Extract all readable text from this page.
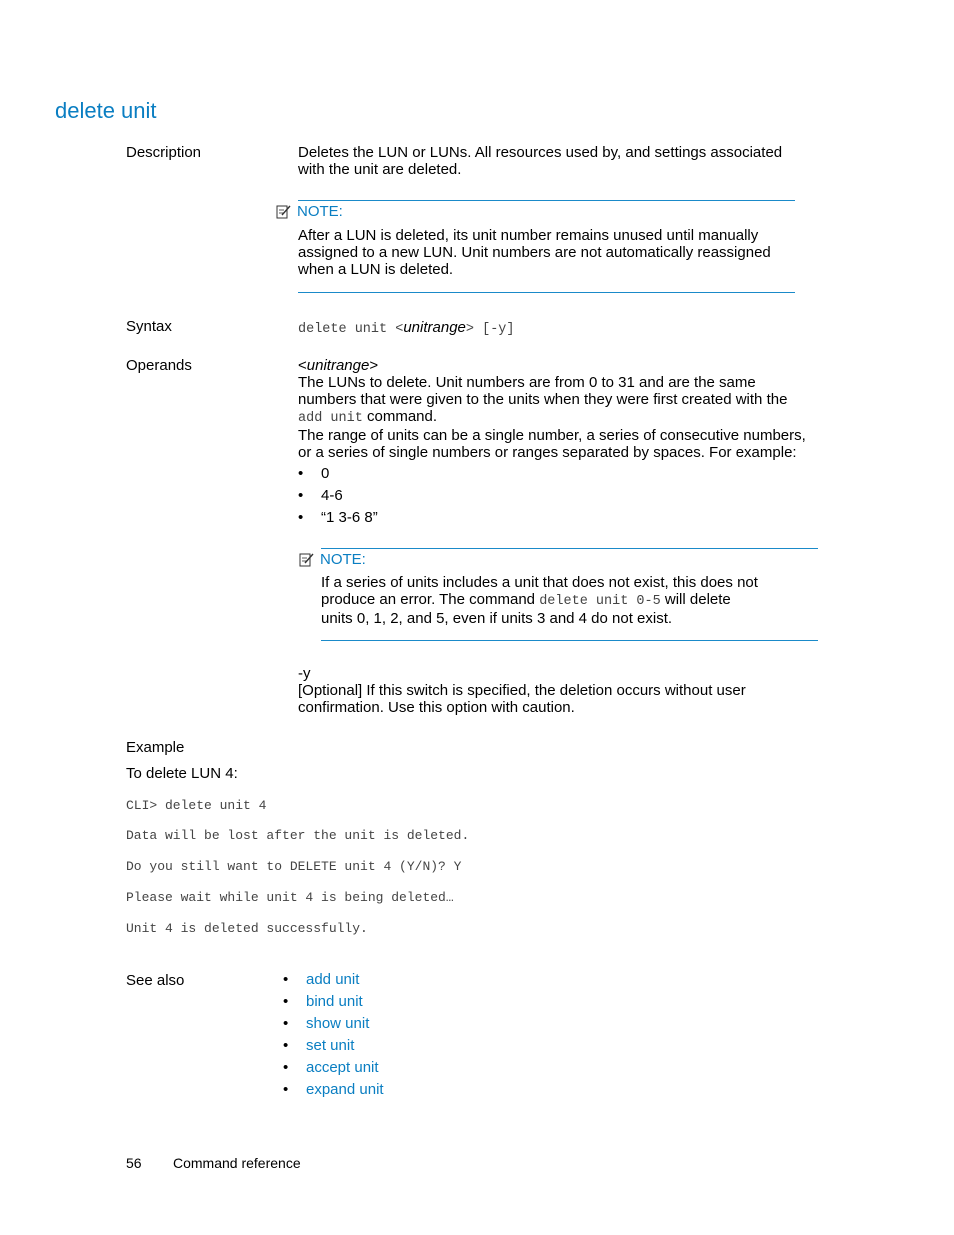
delete unit
Description	Deletes the LUN or LUNs. All resources used by, and settings associated
with the unit are deleted.
NOTE:
After a LUN is deleted, its unit number remains unused until manually
assigned to a new LUN. Unit numbers are not automatically reassigned
when a LUN is deleted.
Syntax	delete unit <unitrange> [-y]
Operands	<unitrange>
The LUNs to delete. Unit numbers are from 0 to 31 and are the same
numbers that were given to the units when they were first created with the
add unit command.
The range of units can be a single number, a series of consecutive numbers,
or a series of single numbers or ranges separated by spaces. For example:
• 0
• 4-6
• “1 3-6 8”
NOTE:
If a series of units includes a unit that does not exist, this does not
produce an error. The command delete unit 0-5 will delete
units 0, 1, 2, and 5, even if units 3 and 4 do not exist.
-y
[Optional] If this switch is specified, the deletion occurs without user
confirmation. Use this option with caution.
Example
To delete LUN 4:
CLI> delete unit 4
Data will be lost after the unit is deleted.
Do you still want to DELETE unit 4 (Y/N)? Y
Please wait while unit 4 is being deleted…
Unit 4 is deleted successfully.
See also
•	add unit
• bind unit
• show unit
• set unit
• accept unit
• expand unit
56 Command reference
